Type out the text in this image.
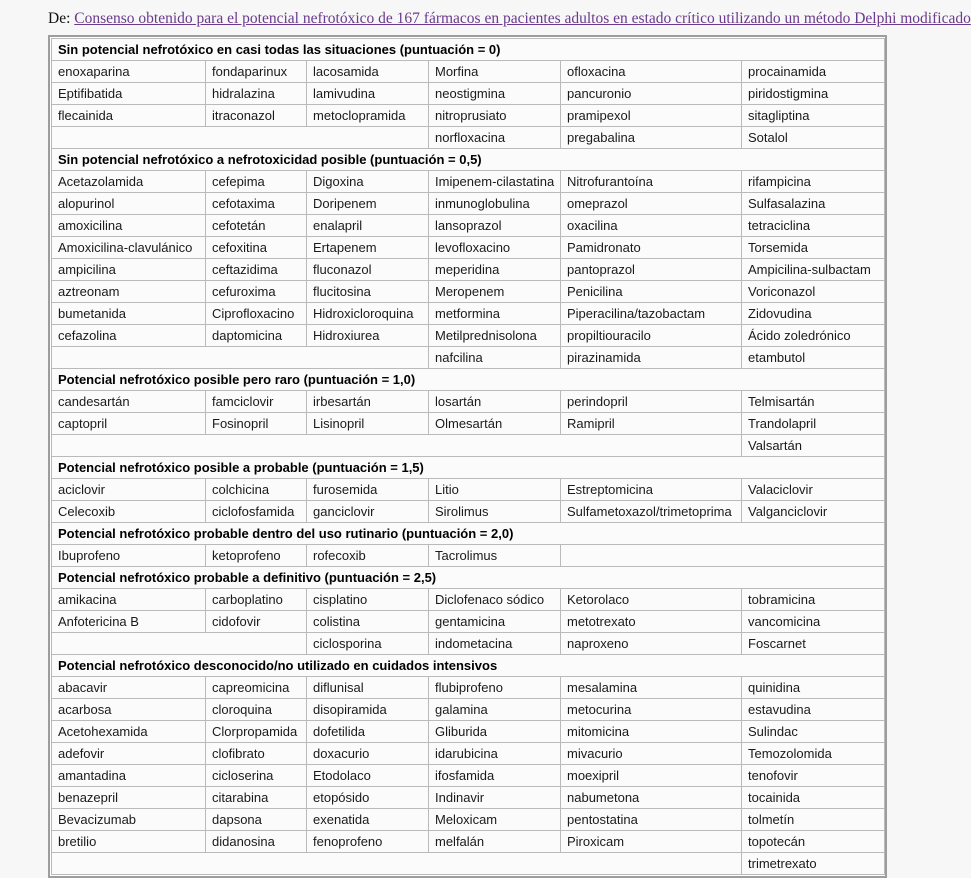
De: Consenso obtenido para el potencial nefrotóxico de 167 fármacos en pacientes adultos en estado crítico utilizando un método Delphi modificado

Sin potencial nefrotóxico en casi todas las situaciones (puntuación = 0)					
enoxaparina	fondaparinux	lacosamida	Morfina	ofloxacina	procainamida
Eptifibatida	hidralazina	lamivudina	neostigmina	pancuronio	piridostigmina
flecainida	itraconazol	metoclopramida	nitroprusiato	pramipexol	sitagliptina
			norfloxacina	pregabalina	Sotalol
Sin potencial nefrotóxico a nefrotoxicidad posible (puntuación = 0,5)					
Acetazolamida	cefepima	Digoxina	Imipenem-cilastatina	Nitrofurantoína	rifampicina
alopurinol	cefotaxima	Doripenem	inmunoglobulina	omeprazol	Sulfasalazina
amoxicilina	cefotetán	enalapril	lansoprazol	oxacilina	tetraciclina
Amoxicilina-clavulánico	cefoxitina	Ertapenem	levofloxacino	Pamidronato	Torsemida
ampicilina	ceftazidima	fluconazol	meperidina	pantoprazol	Ampicilina-sulbactam
aztreonam	cefuroxima	flucitosina	Meropenem	Penicilina	Voriconazol
bumetanida	Ciprofloxacino	Hidroxicloroquina	metformina	Piperacilina/tazobactam	Zidovudina
cefazolina	daptomicina	Hidroxiurea	Metilprednisolona	propiltiouracilo	Ácido zoledrónico
			nafcilina	pirazinamida	etambutol
Potencial nefrotóxico posible pero raro (puntuación = 1,0)					
candesartán	famciclovir	irbesartán	losartán	perindopril	Telmisartán
captopril	Fosinopril	Lisinopril	Olmesartán	Ramipril	Trandolapril
					Valsartán
Potencial nefrotóxico posible a probable (puntuación = 1,5)					
aciclovir	colchicina	furosemida	Litio	Estreptomicina	Valaciclovir
Celecoxib	ciclofosfamida	ganciclovir	Sirolimus	Sulfametoxazol/trimetoprima	Valganciclovir
Potencial nefrotóxico probable dentro del uso rutinario (puntuación = 2,0)					
Ibuprofeno	ketoprofeno	rofecoxib	Tacrolimus		
Potencial nefrotóxico probable a definitivo (puntuación = 2,5)					
amikacina	carboplatino	cisplatino	Diclofenaco sódico	Ketorolaco	tobramicina
Anfotericina B	cidofovir	colistina	gentamicina	metotrexato	vancomicina
		ciclosporina	indometacina	naproxeno	Foscarnet
Potencial nefrotóxico desconocido/no utilizado en cuidados intensivos					
abacavir	capreomicina	diflunisal	flubiprofeno	mesalamina	quinidina
acarbosa	cloroquina	disopiramida	galamina	metocurina	estavudina
Acetohexamida	Clorpropamida	dofetilida	Gliburida	mitomicina	Sulindac
adefovir	clofibrato	doxacurio	idarubicina	mivacurio	Temozolomida
amantadina	cicloserina	Etodolaco	ifosfamida	moexipril	tenofovir
benazepril	citarabina	etopósido	Indinavir	nabumetona	tocainida
Bevacizumab	dapsona	exenatida	Meloxicam	pentostatina	tolmetín
bretilio	didanosina	fenoprofeno	melfalán	Piroxicam	topotecán
					trimetrexato
